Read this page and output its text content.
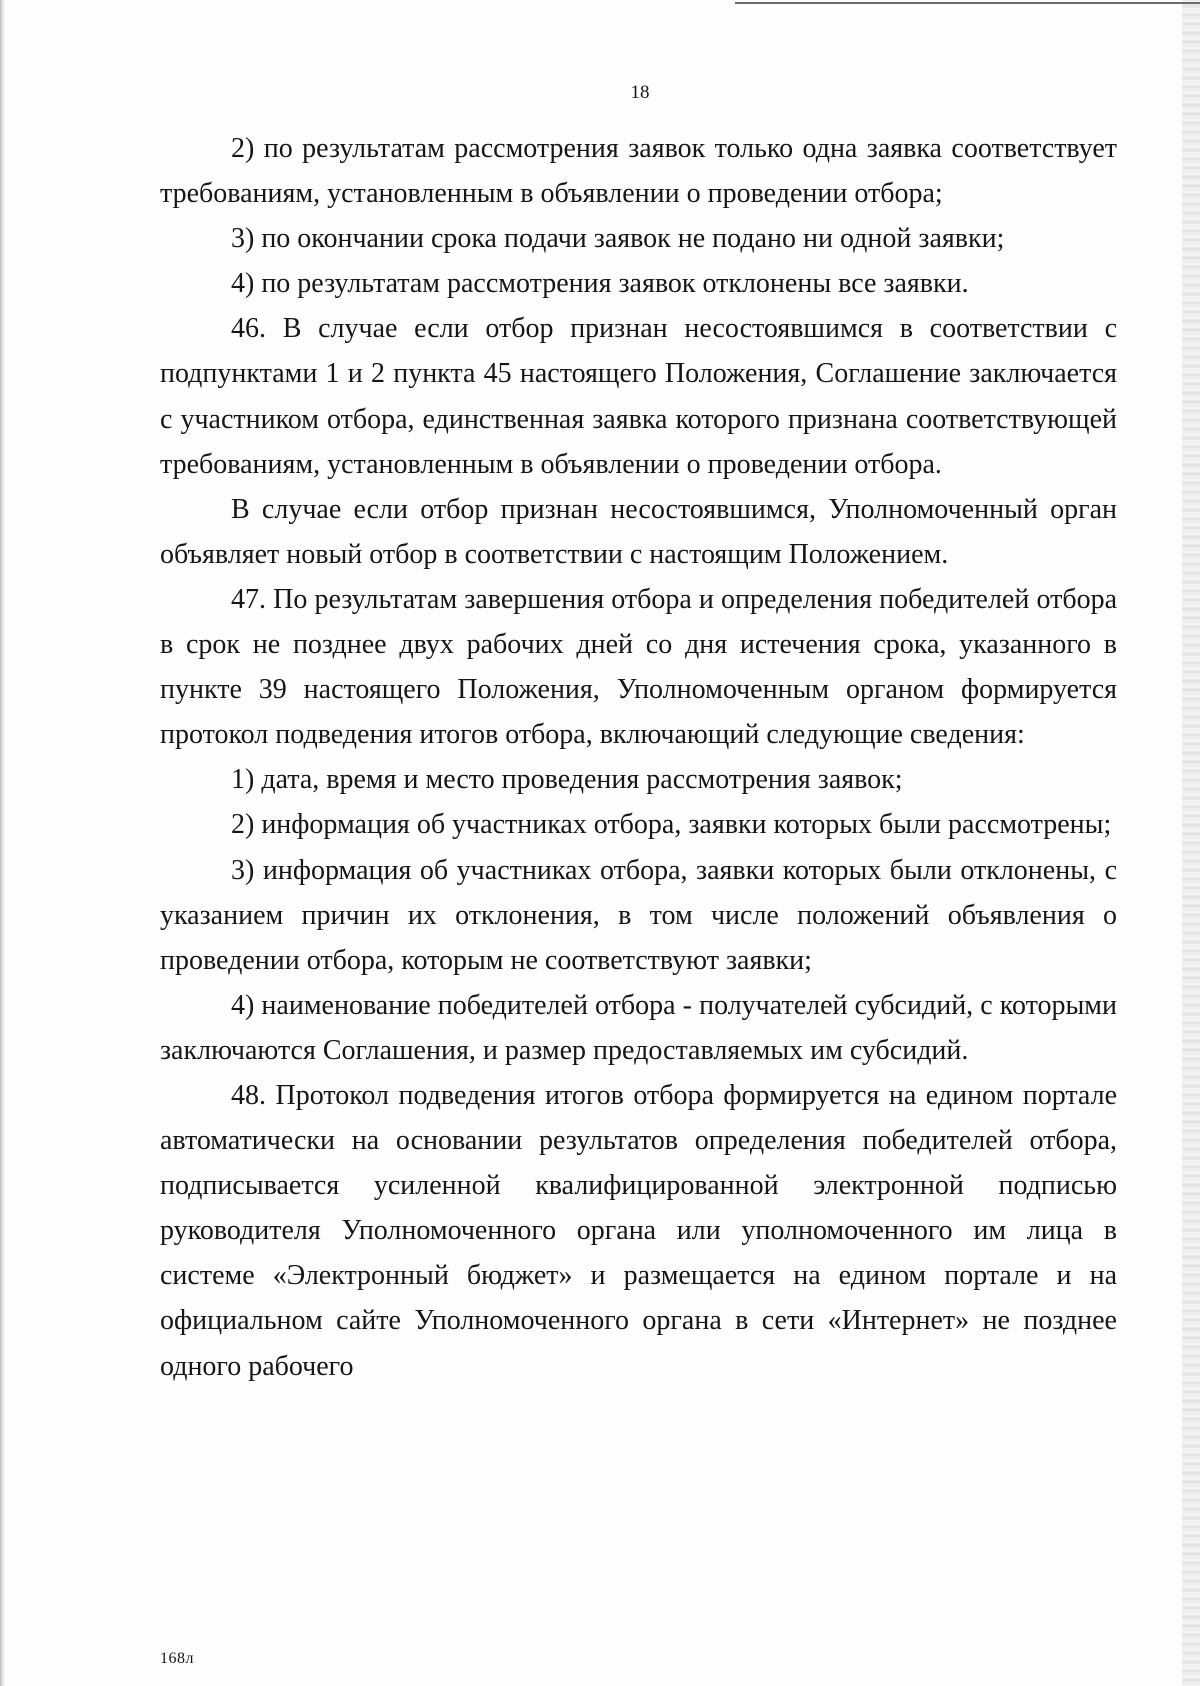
18

2) по результатам рассмотрения заявок только одна заявка соответствует требованиям, установленным в объявлении о проведении отбора;

3) по окончании срока подачи заявок не подано ни одной заявки;

4) по результатам рассмотрения заявок отклонены все заявки.

46. В случае если отбор признан несостоявшимся в соответствии с подпунктами 1 и 2 пункта 45 настоящего Положения, Соглашение заключается с участником отбора, единственная заявка которого признана соответствующей требованиям, установленным в объявлении о проведении отбора.

В случае если отбор признан несостоявшимся, Уполномоченный орган объявляет новый отбор в соответствии с настоящим Положением.

47. По результатам завершения отбора и определения победителей отбора в срок не позднее двух рабочих дней со дня истечения срока, указанного в пункте 39 настоящего Положения, Уполномоченным органом формируется протокол подведения итогов отбора, включающий следующие сведения:

1) дата, время и место проведения рассмотрения заявок;

2) информация об участниках отбора, заявки которых были рассмотрены;

3) информация об участниках отбора, заявки которых были отклонены, с указанием причин их отклонения, в том числе положений объявления о проведении отбора, которым не соответствуют заявки;

4) наименование победителей отбора - получателей субсидий, с которыми заключаются Соглашения, и размер предоставляемых им субсидий.

48. Протокол подведения итогов отбора формируется на едином портале автоматически на основании результатов определения победителей отбора, подписывается усиленной квалифицированной электронной подписью руководителя Уполномоченного органа или уполномоченного им лица в системе «Электронный бюджет» и размещается на едином портале и на официальном сайте Уполномоченного органа в сети «Интернет» не позднее одного рабочего

168л
